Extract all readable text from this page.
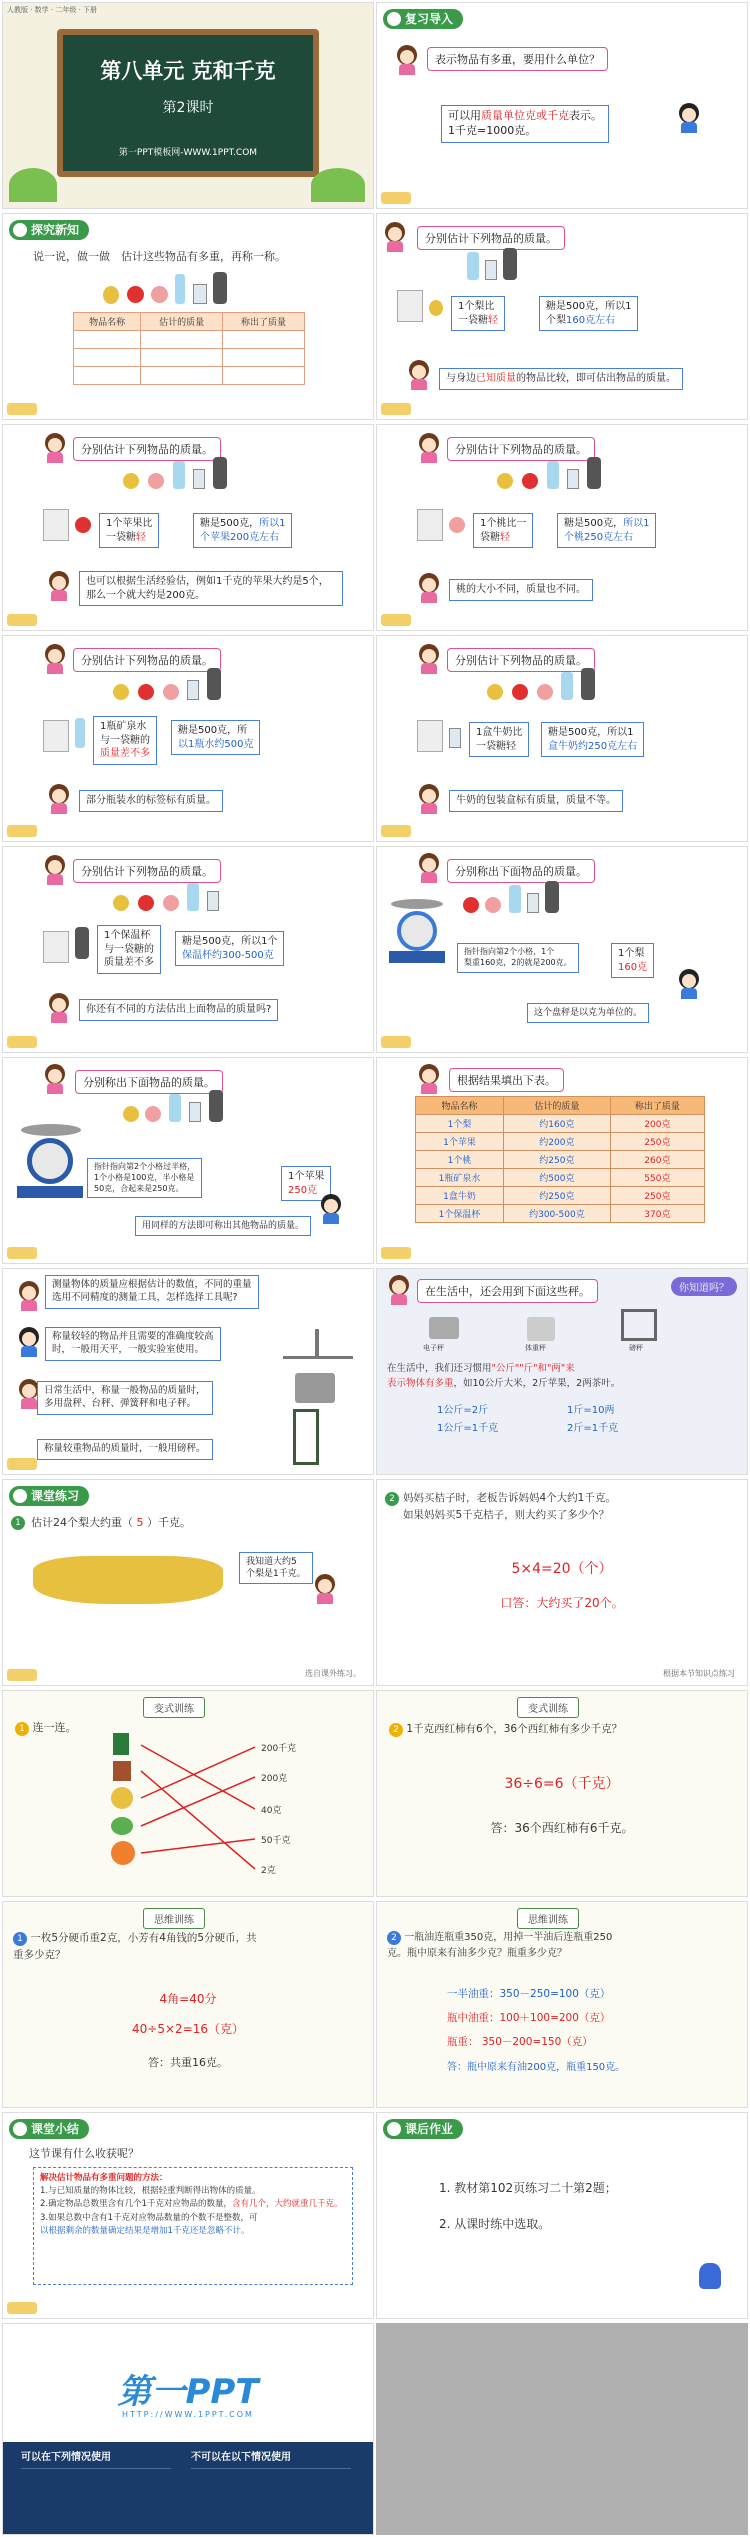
人教版 · 数学 · 二年级 · 下册
第八单元 克和千克
第2课时
第一PPT模板网-WWW.1PPT.COM
复习导入
表示物品有多重，要用什么单位？
可以用质量单位克或千克表示。
1千克=1000克。
探究新知
说一说，做一做　 估计这些物品有多重，再称一称。
物品名称	估计的质量	称出了质量

分别估计下列物品的质量。
1个梨比
一袋糖轻
糖是500克，所以1
个梨160克左右
与身边已知质量的物品比较，即可估出物品的质量。
分别估计下列物品的质量。
1个苹果比
一袋糖轻
糖是500克，所以1
个苹果200克左右
也可以根据生活经验估，例如1千克的苹果大约是5个，那么一个就大约是200克。
分别估计下列物品的质量。
1个桃比一
袋糖轻
糖是500克，所以1
个桃250克左右
桃的大小不同，质量也不同。
分别估计下列物品的质量。
1瓶矿泉水
与一袋糖的
质量差不多
糖是500克，所
以1瓶水约500克
部分瓶装水的标签标有质量。
分别估计下列物品的质量。
1盒牛奶比
一袋糖轻
糖是500克，所以1
盒牛奶约250克左右
牛奶的包装盒标有质量，质量不等。
分别估计下列物品的质量。
1个保温杯
与一袋糖的
质量差不多
糖是500克，所以1个
保温杯约300-500克
你还有不同的方法估出上面物品的质量吗?
分别称出下面物品的质量。
指针指向第2个小格，1个
梨重160克，2的就是200克。
1个梨
160克
这个盘秤是以克为单位的。
分别称出下面物品的质量。
指针指向第2个小格过半格，
1个小格是100克，半小格是
50克，合起来是250克。
1个苹果
250克
用同样的方法即可称出其他物品的质量。
根据结果填出下表。
物品名称	估计的质量	称出了质量
1个梨	约160克	200克
1个苹果	约200克	250克
1个桃	约250克	260克
1瓶矿泉水	约500克	550克
1盒牛奶	约250克	250克
1个保温杯	约300-500克	370克
测量物体的质量应根据估计的数值，不同的重量
选用不同精度的测量工具，怎样选择工具呢?
称量较轻的物品并且需要的准确度较高
时，一般用天平，一般实验室使用。
日常生活中，称量一般物品的质量时，
多用盘秤、台秤、弹簧秤和电子秤。
称量较重物品的质量时，一般用磅秤。
在生活中，还会用到下面这些秤。	你知道吗？
电子秤	体重秤	磅秤
在生活中，我们还习惯用"公斤""斤"和"两"来
表示物体有多重，如10公斤大米，2斤苹果，2两茶叶。
1公斤=2斤	1斤=10两
1公斤=1千克	2斤=1千克
课堂练习
1 估计24个梨大约重（ 5 ）千克。
我知道大约5
个梨是1千克。
选自课外练习。
2 妈妈买桔子时，老板告诉妈妈4个大约1千克。
如果妈妈买5千克桔子，则大约买了多少个？
5×4=20（个）
口答：大约买了20个。
根据本节知识点练习
变式训练
1 连一连。
200千克
200克
40克
50千克
2克
变式训练
2 1千克西红柿有6个，36个西红柿有多少千克？
36÷6=6（千克）
答：36个西红柿有6千克。
思维训练
1 一枚5分硬币重2克，小芳有4角钱的5分硬币，共
重多少克？
4角=40分
40÷5×2=16（克）
答：共重16克。
思维训练
2 一瓶油连瓶重350克，用掉一半油后连瓶重250
克。瓶中原来有油多少克？瓶重多少克？
一半油重：350－250=100（克）
瓶中油重：100＋100=200（克）
瓶重： 350－200=150（克）
答：瓶中原来有油200克，瓶重150克。
课堂小结
这节课有什么收获呢？
解决估计物品有多重问题的方法：
1.与已知质量的物体比较，根据轻重判断得出物体的质量。
2.确定物品总数里含有几个1千克对应物品的数量，含有几个，大约就重几千克。
3.如果总数中含有1千克对应物品数量的个数不是整数，可
以根据剩余的数量确定结果是增加1千克还是忽略不计。
课后作业
1. 教材第102页练习二十第2题；
2. 从课时练中选取。
第一PPT
HTTP://WWW.1PPT.COM
可以在下列情况使用	不可以在以下情况使用
